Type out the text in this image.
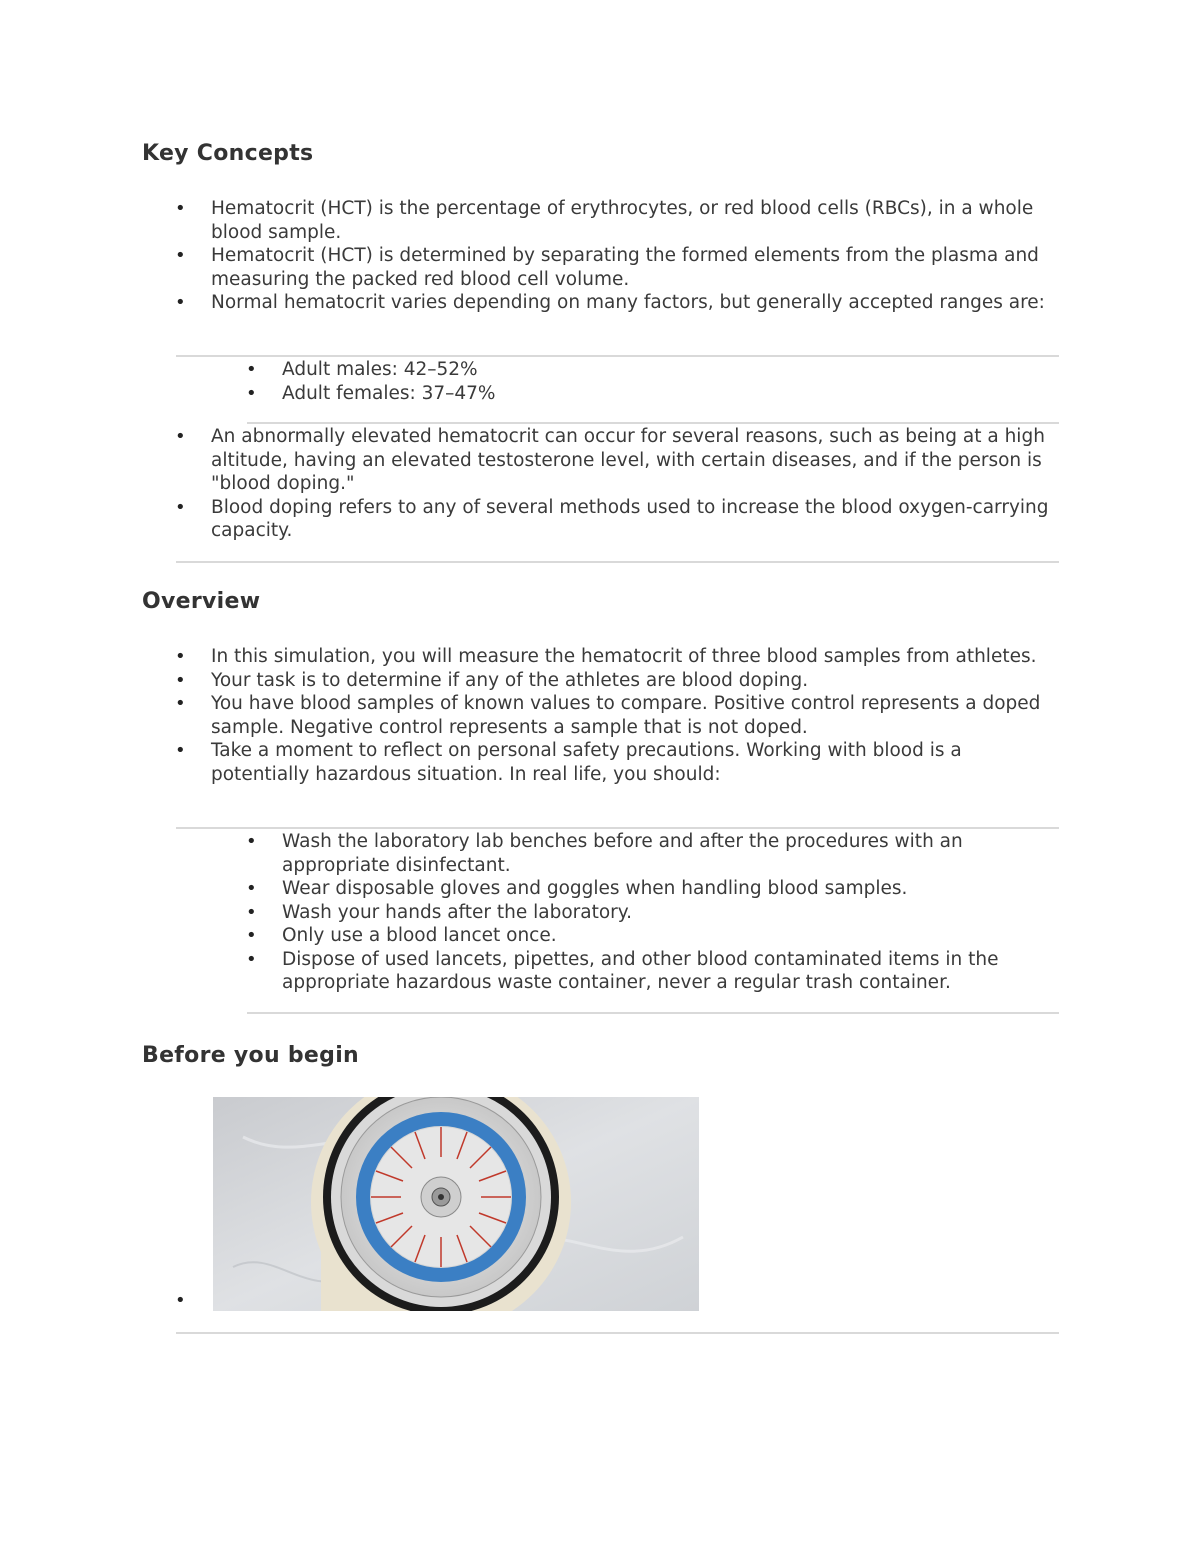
Key Concepts
• Hematocrit (HCT) is the percentage of erythrocytes, or red blood cells (RBCs), in a whole blood sample.
• Hematocrit (HCT) is determined by separating the formed elements from the plasma and measuring the packed red blood cell volume.
• Normal hematocrit varies depending on many factors, but generally accepted ranges are:
• Adult males: 42–52%
• Adult females: 37–47%
• An abnormally elevated hematocrit can occur for several reasons, such as being at a high altitude, having an elevated testosterone level, with certain diseases, and if the person is "blood doping."
• Blood doping refers to any of several methods used to increase the blood oxygen-carrying capacity.
Overview
• In this simulation, you will measure the hematocrit of three blood samples from athletes.
• Your task is to determine if any of the athletes are blood doping.
• You have blood samples of known values to compare. Positive control represents a doped sample. Negative control represents a sample that is not doped.
• Take a moment to reflect on personal safety precautions. Working with blood is a potentially hazardous situation. In real life, you should:
• Wash the laboratory lab benches before and after the procedures with an appropriate disinfectant.
• Wear disposable gloves and goggles when handling blood samples.
• Wash your hands after the laboratory.
• Only use a blood lancet once.
• Dispose of used lancets, pipettes, and other blood contaminated items in the appropriate hazardous waste container, never a regular trash container.
Before you begin
•
